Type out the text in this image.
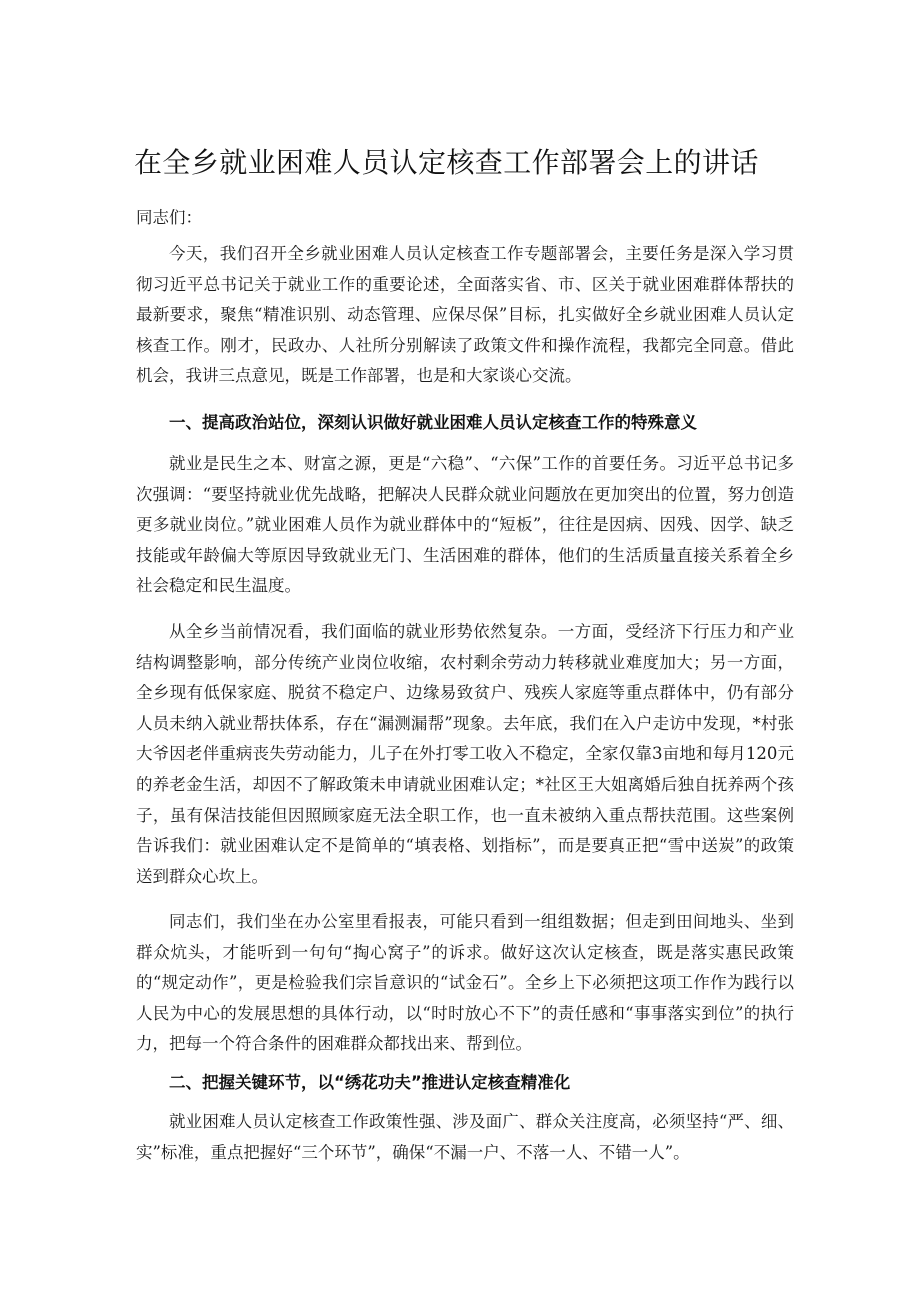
在全乡就业困难人员认定核查工作部署会上的讲话
同志们：
今天，我们召开全乡就业困难人员认定核查工作专题部署会，主要任务是深入学习贯彻习近平总书记关于就业工作的重要论述，全面落实省、市、区关于就业困难群体帮扶的最新要求，聚焦“精准识别、动态管理、应保尽保”目标，扎实做好全乡就业困难人员认定核查工作。刚才，民政办、人社所分别解读了政策文件和操作流程，我都完全同意。借此机会，我讲三点意见，既是工作部署，也是和大家谈心交流。
一、提高政治站位，深刻认识做好就业困难人员认定核查工作的特殊意义
就业是民生之本、财富之源，更是“六稳”、“六保”工作的首要任务。习近平总书记多次强调：“要坚持就业优先战略，把解决人民群众就业问题放在更加突出的位置，努力创造更多就业岗位。”就业困难人员作为就业群体中的“短板”，往往是因病、因残、因学、缺乏技能或年龄偏大等原因导致就业无门、生活困难的群体，他们的生活质量直接关系着全乡社会稳定和民生温度。
从全乡当前情况看，我们面临的就业形势依然复杂。一方面，受经济下行压力和产业结构调整影响，部分传统产业岗位收缩，农村剩余劳动力转移就业难度加大；另一方面，全乡现有低保家庭、脱贫不稳定户、边缘易致贫户、残疾人家庭等重点群体中，仍有部分人员未纳入就业帮扶体系，存在“漏测漏帮”现象。去年底，我们在入户走访中发现，*村张大爷因老伴重病丧失劳动能力，儿子在外打零工收入不稳定，全家仅靠3亩地和每月120元的养老金生活，却因不了解政策未申请就业困难认定；*社区王大姐离婚后独自抚养两个孩子，虽有保洁技能但因照顾家庭无法全职工作，也一直未被纳入重点帮扶范围。这些案例告诉我们：就业困难认定不是简单的“填表格、划指标”，而是要真正把“雪中送炭”的政策送到群众心坎上。
同志们，我们坐在办公室里看报表，可能只看到一组组数据；但走到田间地头、坐到群众炕头，才能听到一句句“掏心窝子”的诉求。做好这次认定核查，既是落实惠民政策的“规定动作”，更是检验我们宗旨意识的“试金石”。全乡上下必须把这项工作作为践行以人民为中心的发展思想的具体行动，以“时时放心不下”的责任感和“事事落实到位”的执行力，把每一个符合条件的困难群众都找出来、帮到位。
二、把握关键环节，以“绣花功夫”推进认定核查精准化
就业困难人员认定核查工作政策性强、涉及面广、群众关注度高，必须坚持“严、细、实”标准，重点把握好“三个环节”，确保“不漏一户、不落一人、不错一人”。
